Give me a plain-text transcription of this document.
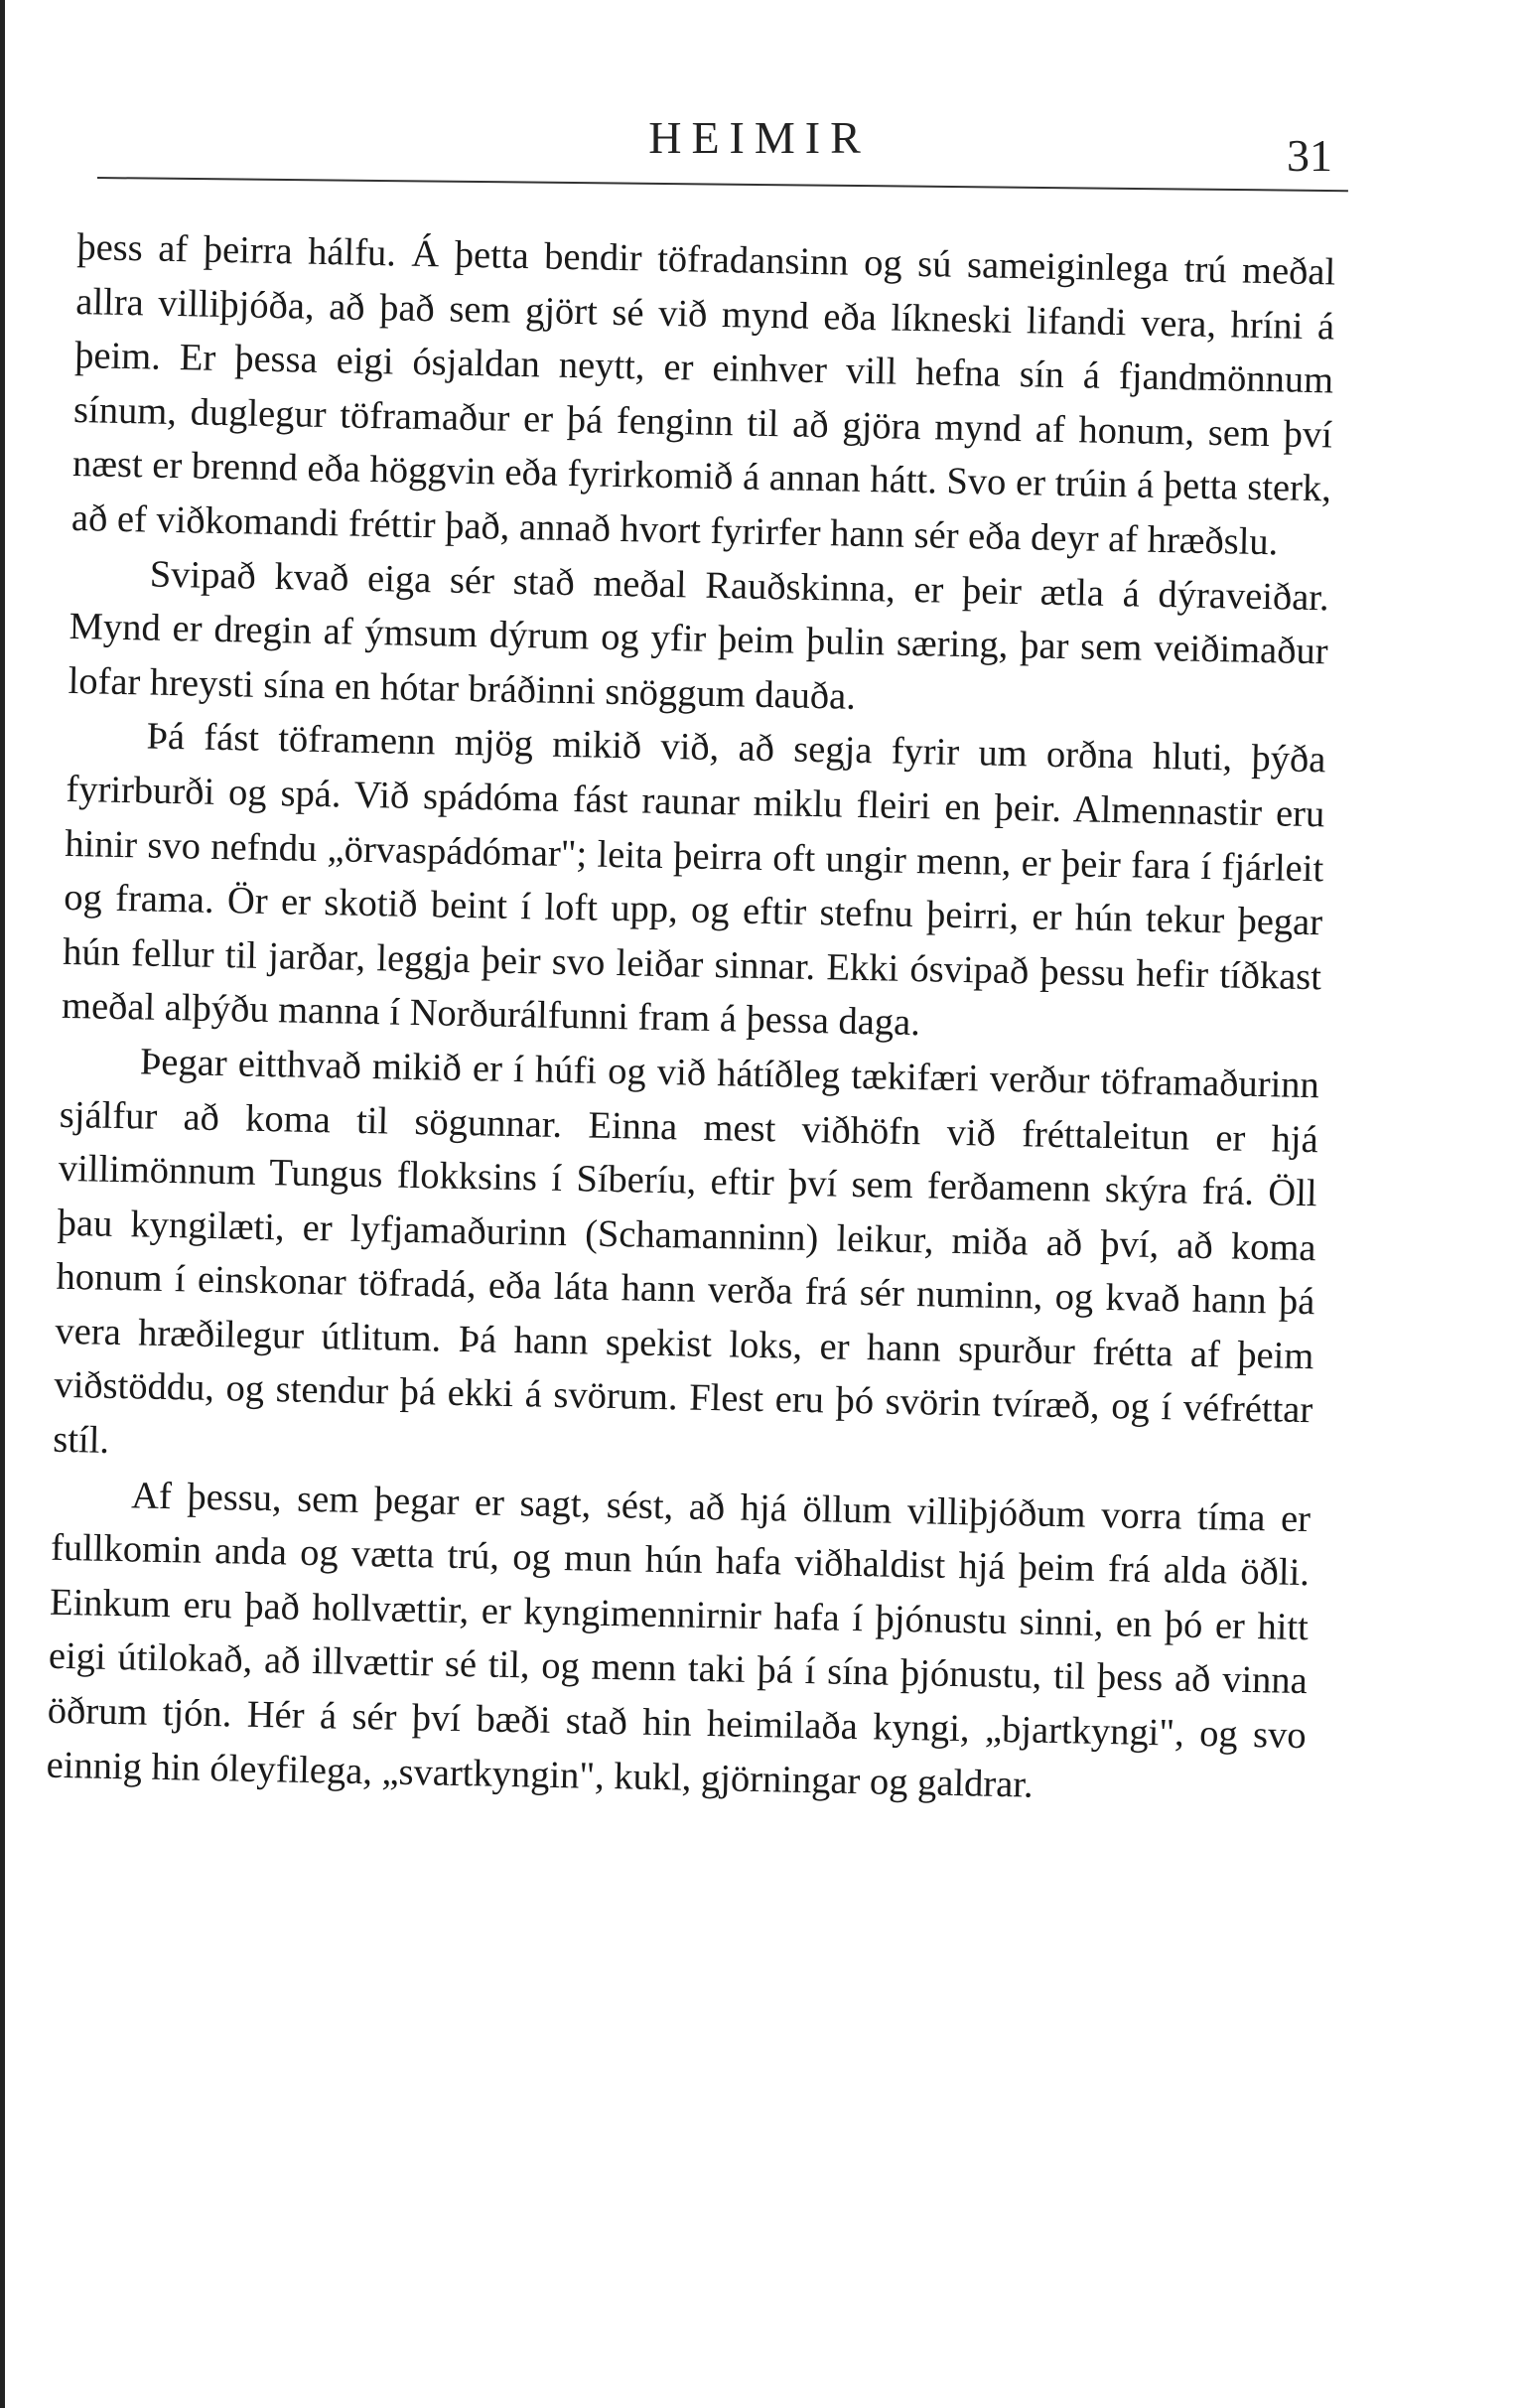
HEIMIR	31

þess af þeirra hálfu. Á þetta bendir töfradansinn og sú sameiginlega trú meðal allra villiþjóða, að það sem gjört sé við mynd eða líkneski lifandi vera, hríni á þeim. Er þessa eigi ósjaldan neytt, er einhver vill hefna sín á fjandmönnum sínum, duglegur töframaður er þá fenginn til að gjöra mynd af honum, sem því næst er brennd eða höggvin eða fyrirkomið á annan hátt. Svo er trúin á þetta sterk, að ef viðkomandi fréttir það, annað hvort fyrirfer hann sér eða deyr af hræðslu.

Svipað kvað eiga sér stað meðal Rauðskinna, er þeir ætla á dýraveiðar. Mynd er dregin af ýmsum dýrum og yfir þeim þulin særing, þar sem veiðimaður lofar hreysti sína en hótar bráðinni snöggum dauða.

Þá fást töframenn mjög mikið við, að segja fyrir um orðna hluti, þýða fyrirburði og spá. Við spádóma fást raunar miklu fleiri en þeir. Almennastir eru hinir svo nefndu „örvaspádómar"; leita þeirra oft ungir menn, er þeir fara í fjárleit og frama. Ör er skotið beint í loft upp, og eftir stefnu þeirri, er hún tekur þegar hún fellur til jarðar, leggja þeir svo leiðar sinnar. Ekki ósvipað þessu hefir tíðkast meðal alþýðu manna í Norðurálfunni fram á þessa daga.

Þegar eitthvað mikið er í húfi og við hátíðleg tækifæri verður töframaðurinn sjálfur að koma til sögunnar. Einna mest viðhöfn við fréttaleitun er hjá villimönnum Tungus flokksins í Síberíu, eftir því sem ferðamenn skýra frá. Öll þau kyngilæti, er lyfjamaðurinn (Schamanninn) leikur, miða að því, að koma honum í einskonar töfradá, eða láta hann verða frá sér numinn, og kvað hann þá vera hræðilegur útlitum. Þá hann spekist loks, er hann spurður frétta af þeim viðstöddu, og stendur þá ekki á svörum. Flest eru þó svörin tvíræð, og í véfréttar stíl.

Af þessu, sem þegar er sagt, sést, að hjá öllum villiþjóðum vorra tíma er fullkomin anda og vætta trú, og mun hún hafa viðhaldist hjá þeim frá alda öðli. Einkum eru það hollvættir, er kyngimennirnir hafa í þjónustu sinni, en þó er hitt eigi útilokað, að illvættir sé til, og menn taki þá í sína þjónustu, til þess að vinna öðrum tjón. Hér á sér því bæði stað hin heimilaða kyngi, „bjartkyngi", og svo einnig hin óleyfilega, „svartkyngin", kukl, gjörningar og galdrar.
